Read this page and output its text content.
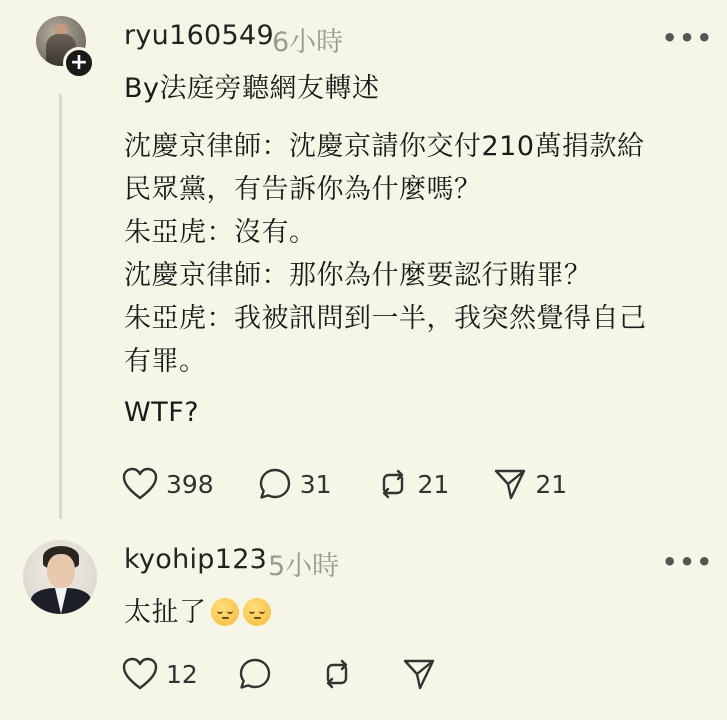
+
ryu160549
6小時	•••
By法庭旁聽網友轉述
沈慶京律師：沈慶京請你交付210萬捐款給
民眾黨，有告訴你為什麼嗎？
朱亞虎：沒有。
沈慶京律師：那你為什麼要認行賄罪？
朱亞虎：我被訊問到一半，我突然覺得自己
有罪。
WTF?
398	31	21	21
kyohip123 5小時	•••
太扯了
12
